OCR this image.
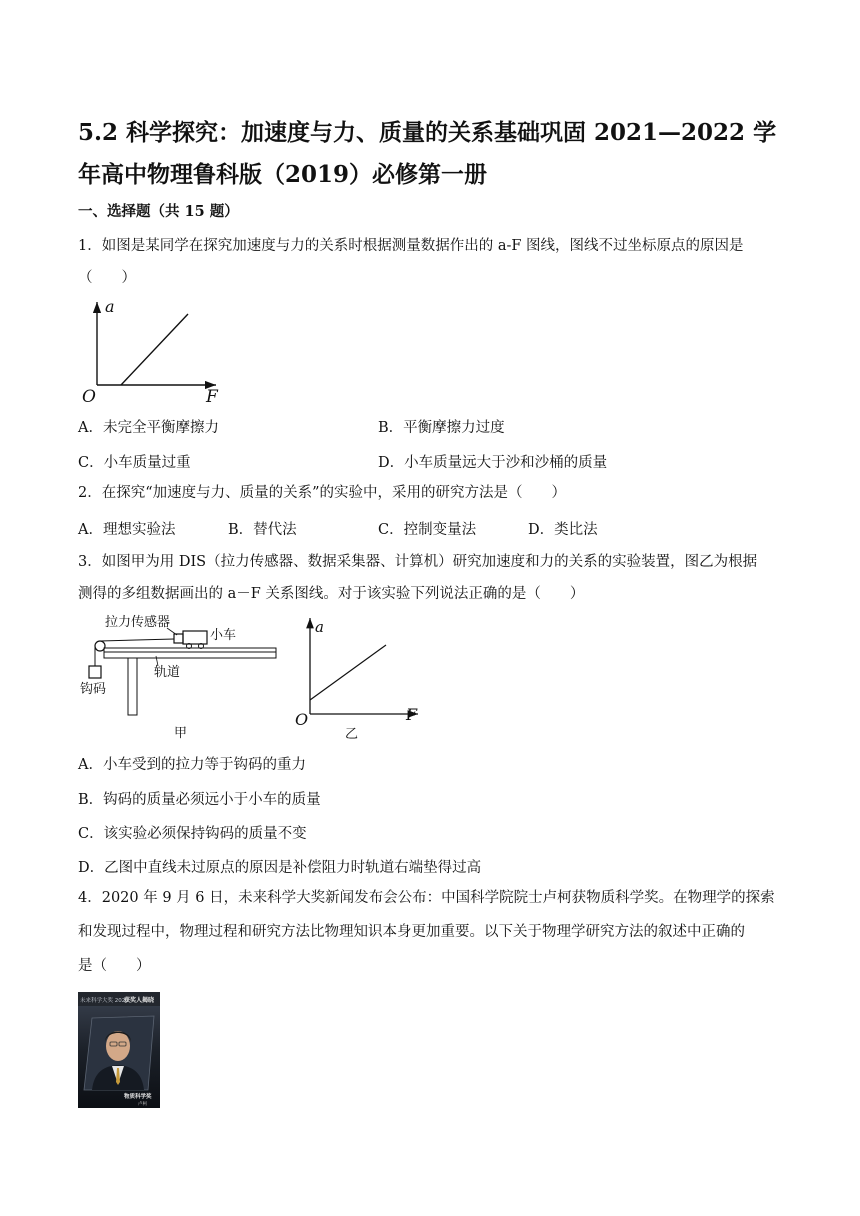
5.2 科学探究：加速度与力、质量的关系基础巩固 2021—2022 学年高中物理鲁科版（2019）必修第一册

一、选择题（共 15 题）

1．如图是某同学在探究加速度与力的关系时根据测量数据作出的 a-F 图线，图线不过坐标原点的原因是

（　　）

a
O	F
A．未完全平衡摩擦力	B．平衡摩擦力过度
C．小车质量过重	D．小车质量远大于沙和沙桶的质量

2．在探究“加速度与力、质量的关系”的实验中，采用的研究方法是（　　）

A．理想实验法	B．替代法	C．控制变量法	D．类比法

3．如图甲为用 DIS（拉力传感器、数据采集器、计算机）研究加速度和力的关系的实验装置，图乙为根据

测得的多组数据画出的 a－F 关系图线。对于该实验下列说法正确的是（　　）

拉力传感器
小车
轨道
钩码
甲
a
O	F
乙
A．小车受到的拉力等于钩码的重力
B．钩码的质量必须远小于小车的质量
C．该实验必须保持钩码的质量不变
D．乙图中直线未过原点的原因是补偿阻力时轨道右端垫得过高

4．2020 年 9 月 6 日，未来科学大奖新闻发布会公布：中国科学院院士卢柯获物质科学奖。在物理学的探索

和发现过程中，物理过程和研究方法比物理知识本身更加重要。以下关于物理学研究方法的叙述中正确的

是（　　）

未来科学大奖 2020
获奖人揭晓
物质科学奖
卢柯
